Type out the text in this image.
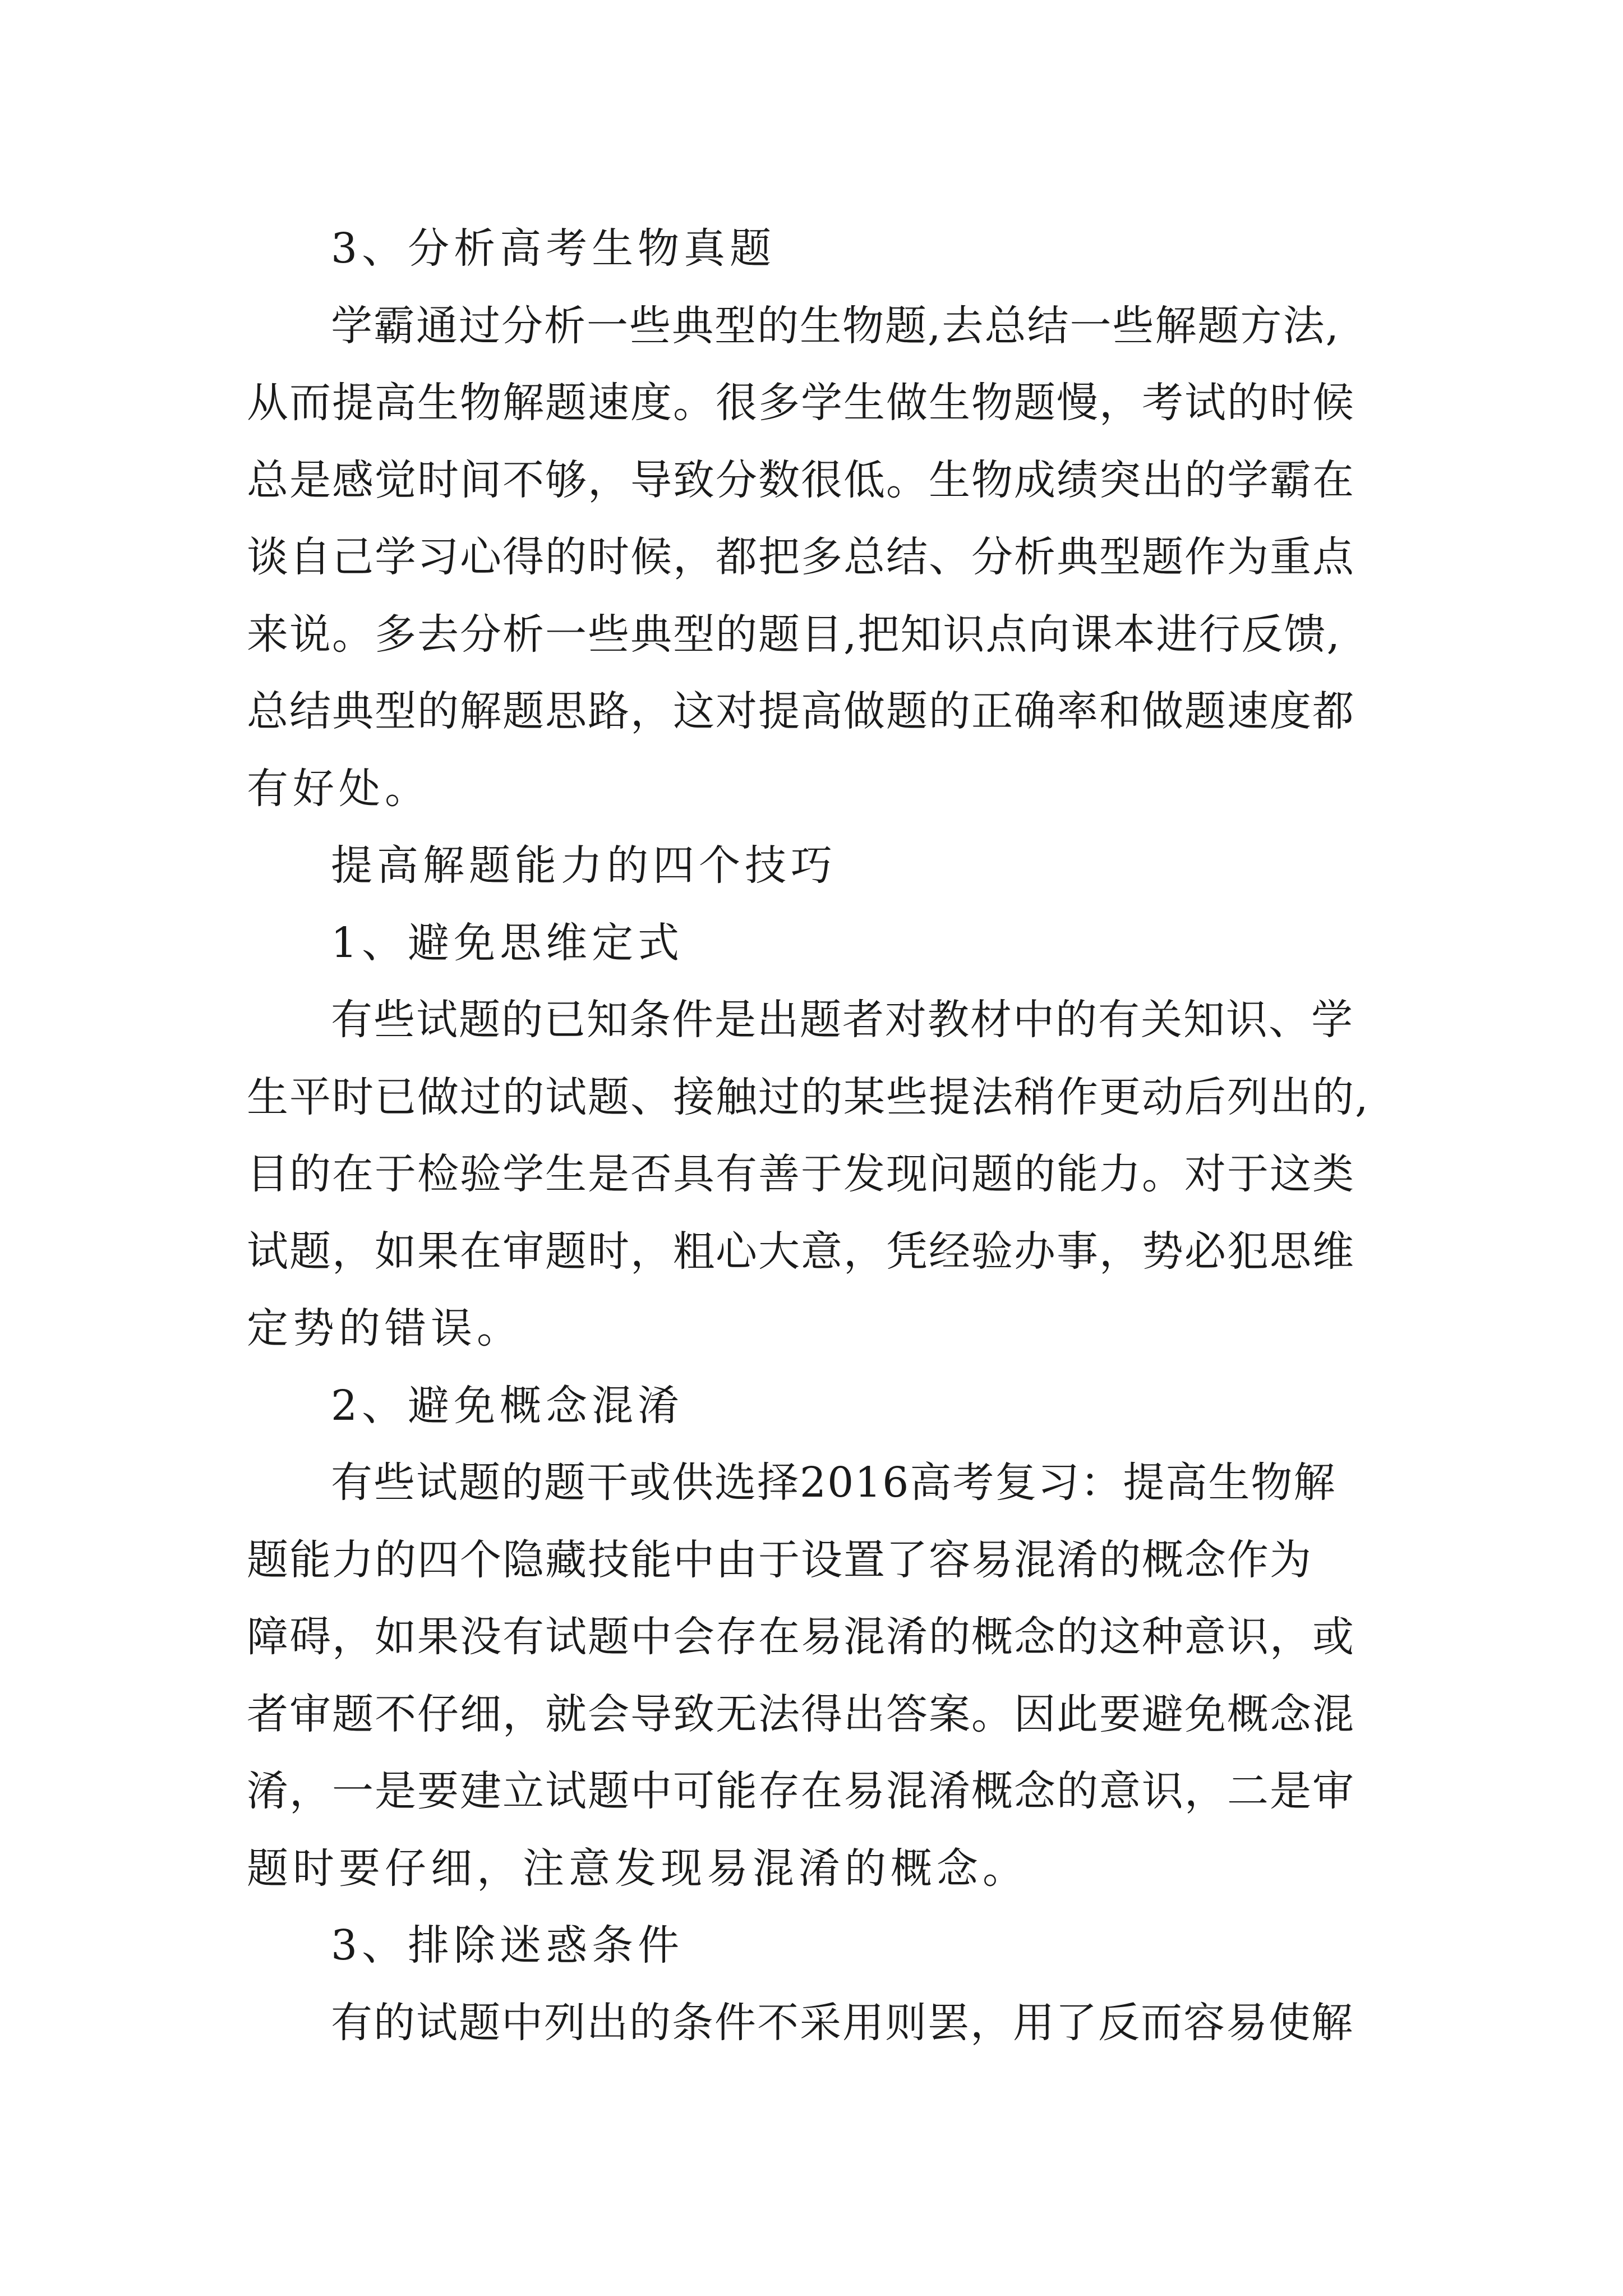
3、分析高考生物真题
学霸通过分析一些典型的生物题,去总结一些解题方法,
从而提高生物解题速度。很多学生做生物题慢，考试的时候
总是感觉时间不够，导致分数很低。生物成绩突出的学霸在
谈自己学习心得的时候，都把多总结、分析典型题作为重点
来说。多去分析一些典型的题目,把知识点向课本进行反馈,
总结典型的解题思路，这对提高做题的正确率和做题速度都
有好处。
提高解题能力的四个技巧
1、避免思维定式
有些试题的已知条件是出题者对教材中的有关知识、学
生平时已做过的试题、接触过的某些提法稍作更动后列出的,
目的在于检验学生是否具有善于发现问题的能力。对于这类
试题，如果在审题时，粗心大意，凭经验办事，势必犯思维
定势的错误。
2、避免概念混淆
有些试题的题干或供选择2016高考复习：提高生物解
题能力的四个隐藏技能中由于设置了容易混淆的概念作为
障碍，如果没有试题中会存在易混淆的概念的这种意识，或
者审题不仔细，就会导致无法得出答案。因此要避免概念混
淆，一是要建立试题中可能存在易混淆概念的意识，二是审
题时要仔细，注意发现易混淆的概念。
3、排除迷惑条件
有的试题中列出的条件不采用则罢，用了反而容易使解
